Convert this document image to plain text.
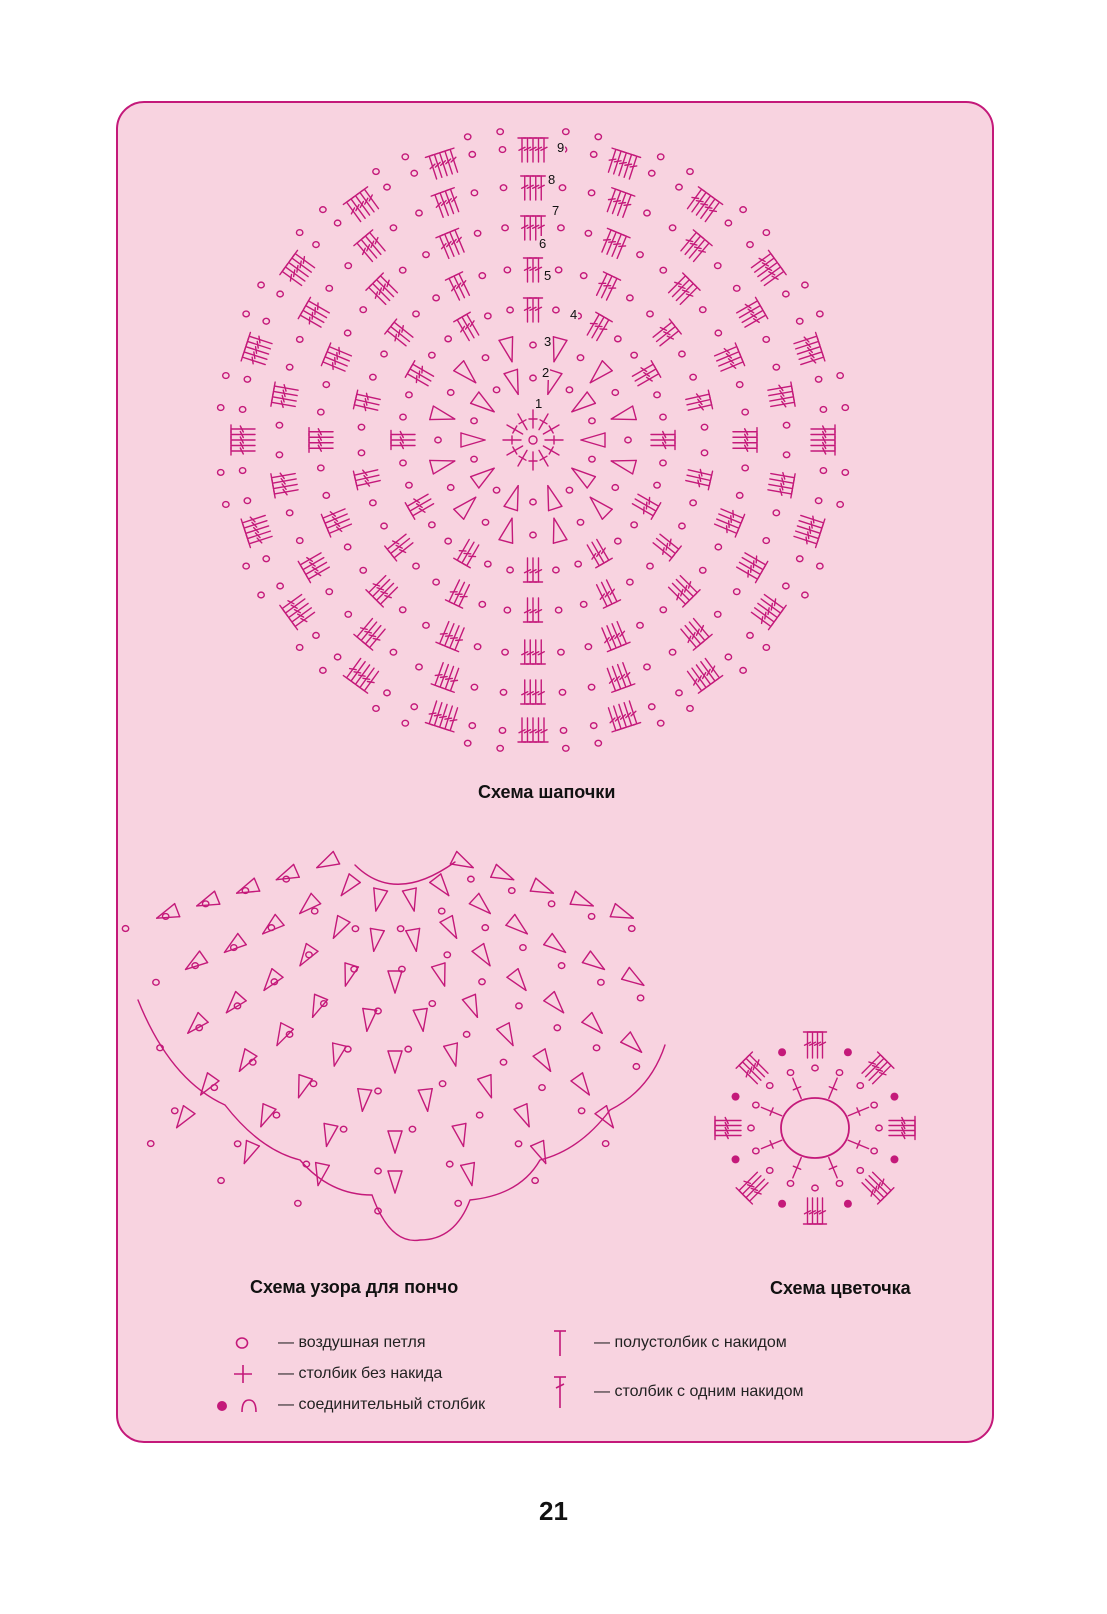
1
2
3
4
5
6
7
8
9
Схема шапочки
Схема узора для пончо	Схема цветочка
— воздушная петля
— столбик без накида
— соединительный столбик
— полустолбик с накидом
— столбик с одним накидом
21
